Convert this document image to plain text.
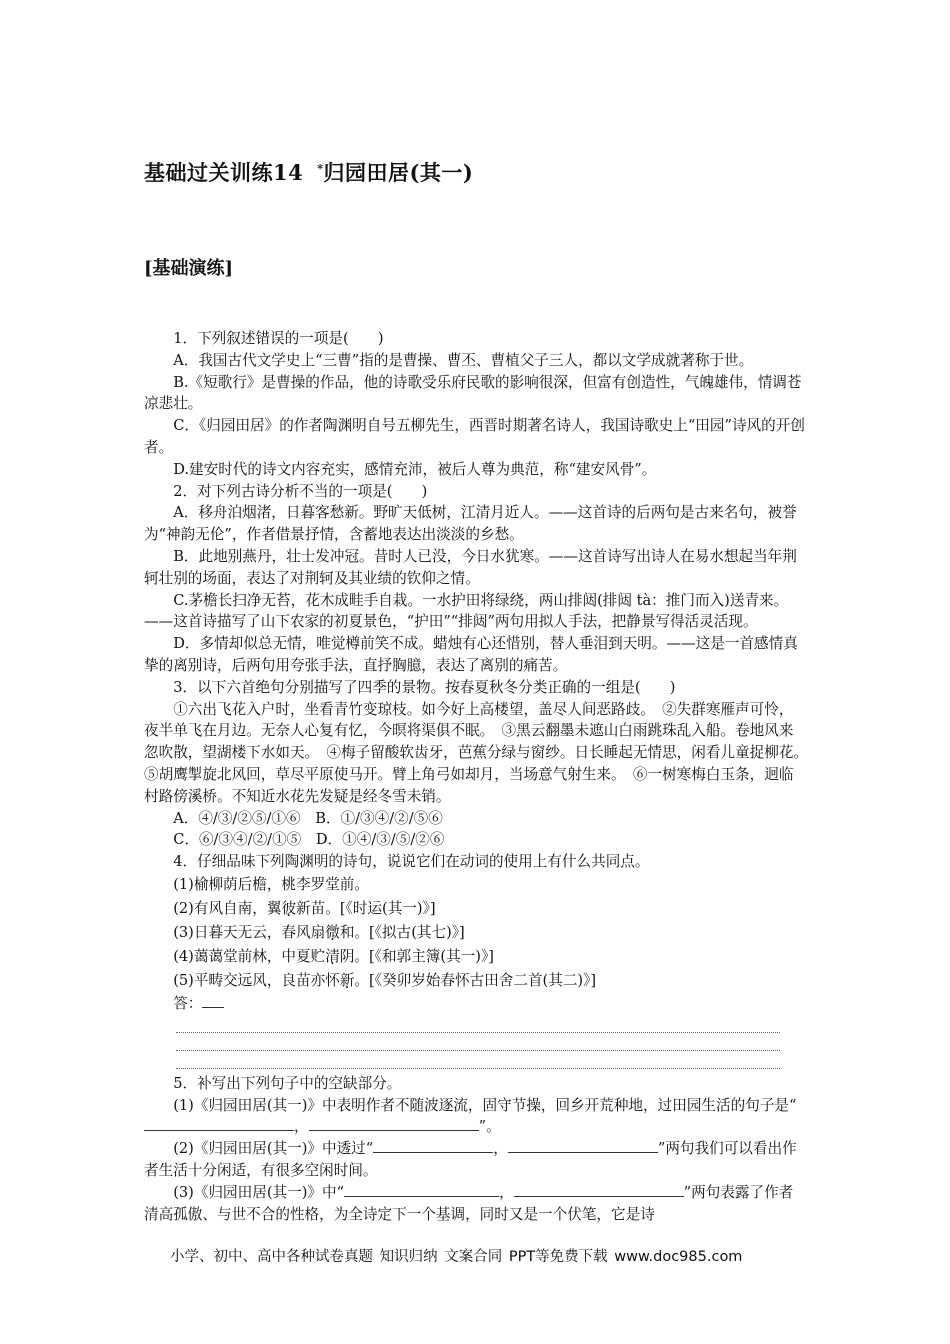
基础过关训练14 *归园田居(其一)
[基础演练]

1．下列叙述错误的一项是(　　)

A．我国古代文学史上“三曹”指的是曹操、曹丕、曹植父子三人，都以文学成就著称于世。

B.《短歌行》是曹操的作品，他的诗歌受乐府民歌的影响很深，但富有创造性，气魄雄伟，情调苍凉悲壮。

C．《归园田居》的作者陶渊明自号五柳先生，西晋时期著名诗人，我国诗歌史上“田园”诗风的开创者。

D.建安时代的诗文内容充实，感情充沛，被后人尊为典范，称“建安风骨”。

2．对下列古诗分析不当的一项是(　　)

A．移舟泊烟渚，日暮客愁新。野旷天低树，江清月近人。——这首诗的后两句是古来名句，被誉为“神韵无伦”，作者借景抒情，含蓄地表达出淡淡的乡愁。

B．此地别燕丹，壮士发冲冠。昔时人已没，今日水犹寒。——这首诗写出诗人在易水想起当年荆轲壮别的场面，表达了对荆轲及其业绩的钦仰之情。

C.茅檐长扫净无苔，花木成畦手自栽。一水护田将绿绕，两山排闼(排闼 tà：推门而入)送青来。——这首诗描写了山下农家的初夏景色，“护田”“排闼”两句用拟人手法，把静景写得活灵活现。

D．多情却似总无情，唯觉樽前笑不成。蜡烛有心还惜别，替人垂泪到天明。——这是一首感情真挚的离别诗，后两句用夸张手法，直抒胸臆，表达了离别的痛苦。

3．以下六首绝句分别描写了四季的景物。按春夏秋冬分类正确的一组是(　　)

①六出飞花入户时，坐看青竹变琼枝。如今好上高楼望，盖尽人间恶路歧。　②失群寒雁声可怜，夜半单飞在月边。无奈人心复有忆，今暝将渠俱不眠。　③黑云翻墨未遮山白雨跳珠乱入船。卷地风来忽吹散，望湖楼下水如天。　④梅子留酸软齿牙，芭蕉分绿与窗纱。日长睡起无情思，闲看儿童捉柳花。　⑤胡鹰掣旋北风回，草尽平原使马开。臂上角弓如却月，当场意气射生来。　⑥一树寒梅白玉条，迥临村路傍溪桥。不知近水花先发疑是经冬雪未销。

A．④/③/②⑤/①⑥　B．①/③④/②/⑤⑥

C．⑥/③④/②/①⑤　D．①④/③/⑤/②⑥

4．仔细品味下列陶渊明的诗句，说说它们在动词的使用上有什么共同点。

(1)榆柳荫后檐，桃李罗堂前。

(2)有风自南，翼彼新苗。[《时运(其一)》]

(3)日暮天无云，春风扇微和。[《拟古(其七)》]

(4)蔼蔼堂前林，中夏贮清阴。[《和郭主簿(其一)》]

(5)平畴交远风，良苗亦怀新。[《癸卯岁始春怀古田舍二首(其二)》]

答：

5．补写出下列句子中的空缺部分。

(1)《归园田居(其一)》中表明作者不随波逐流，固守节操，回乡开荒种地，过田园生活的句子是“，	”。

(2)《归园田居(其一)》中透过“	，	”两句我们可以看出作者生活十分闲适，有很多空闲时间。

(3)《归园田居(其一)》中“	，	”两句表露了作者清高孤傲、与世不合的性格，为全诗定下一个基调，同时又是一个伏笔，它是诗

小学、初中、高中各种试卷真题 知识归纳 文案合同 PPT等免费下载 www.doc985.com
